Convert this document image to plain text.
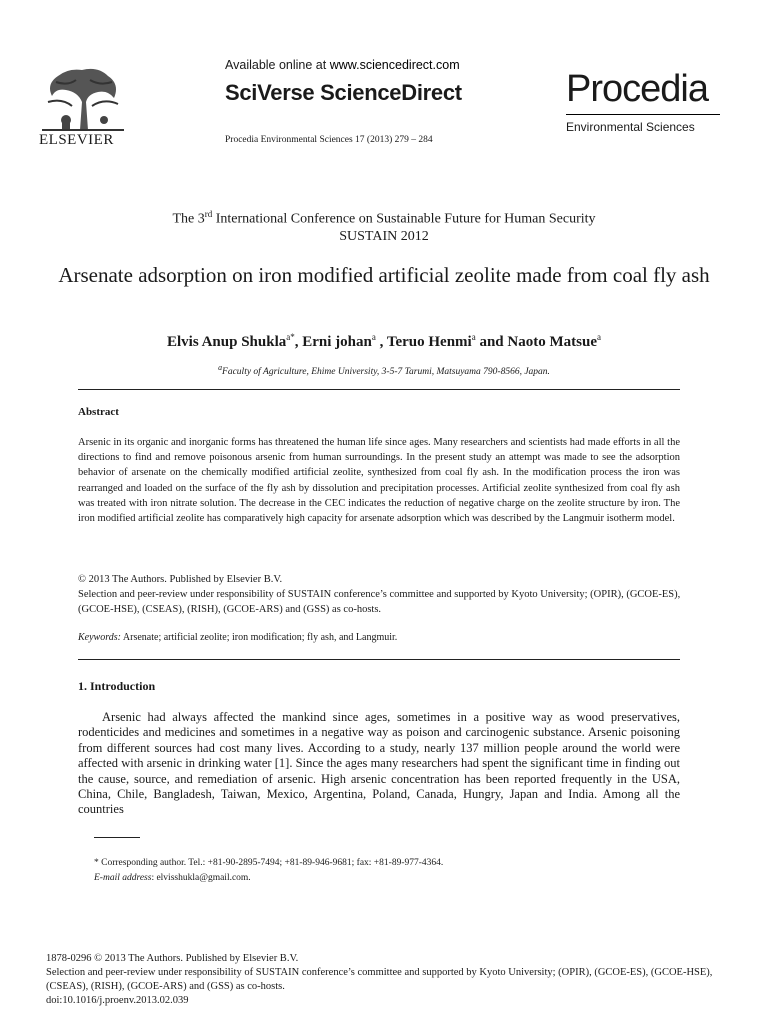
ELSEVIER
Available online at www.sciencedirect.com
SciVerse ScienceDirect
Procedia Environmental Sciences 17 (2013) 279 – 284
Procedia
Environmental Sciences
The 3rd International Conference on Sustainable Future for Human Security
SUSTAIN 2012
Arsenate adsorption on iron modified artificial zeolite made from coal fly ash
Elvis Anup Shukla$^{a*}$, Erni johan$^a$ , Teruo Henmi$^a$ and Naoto Matsue$^a$
$^a$Faculty of Agriculture, Ehime University, 3-5-7 Tarumi, Matsuyama 790-8566, Japan.
Abstract
Arsenic in its organic and inorganic forms has threatened the human life since ages. Many researchers and scientists had made efforts in all the directions to find and remove poisonous arsenic from human surroundings. In the present study an attempt was made to see the adsorption behavior of arsenate on the chemically modified artificial zeolite, synthesized from coal fly ash. In the modification process the iron was rearranged and loaded on the surface of the fly ash by dissolution and precipitation processes. Artificial zeolite synthesized from coal fly ash was treated with iron nitrate solution. The decrease in the CEC indicates the reduction of negative charge on the zeolite structure by iron. The iron modified artificial zeolite has comparatively high capacity for arsenate adsorption which was described by the Langmuir isotherm model.
© 2013 The Authors. Published by Elsevier B.V.
Selection and peer-review under responsibility of SUSTAIN conference’s committee and supported by Kyoto University; (OPIR), (GCOE-ES), (GCOE-HSE), (CSEAS), (RISH), (GCOE-ARS) and (GSS) as co-hosts.
Keywords: Arsenate; artificial zeolite; iron modification; fly ash, and Langmuir.
1. Introduction
Arsenic had always affected the mankind since ages, sometimes in a positive way as wood preservatives, rodenticides and medicines and sometimes in a negative way as poison and carcinogenic substance. Arsenic poisoning from different sources had cost many lives. According to a study, nearly 137 million people around the world were affected with arsenic in drinking water [1]. Since the ages many researchers had spent the significant time in finding out the cause, source, and remediation of arsenic. High arsenic concentration has been reported frequently in the USA, China, Chile, Bangladesh, Taiwan, Mexico, Argentina, Poland, Canada, Hungry, Japan and India. Among all the countries
* Corresponding author. Tel.: +81-90-2895-7494; +81-89-946-9681; fax: +81-89-977-4364.
E-mail address: elvisshukla@gmail.com.
1878-0296 © 2013 The Authors. Published by Elsevier B.V.
Selection and peer-review under responsibility of SUSTAIN conference’s committee and supported by Kyoto University; (OPIR), (GCOE-ES), (GCOE-HSE), (CSEAS), (RISH), (GCOE-ARS) and (GSS) as co-hosts.
doi:10.1016/j.proenv.2013.02.039
